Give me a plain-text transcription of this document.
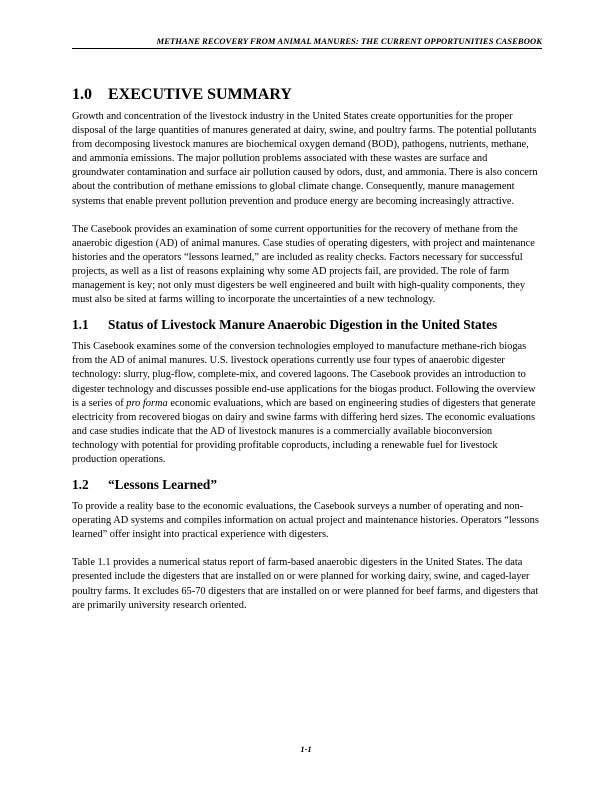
METHANE RECOVERY FROM ANIMAL MANURES: THE CURRENT OPPORTUNITIES CASEBOOK
1.0	EXECUTIVE SUMMARY

Growth and concentration of the livestock industry in the United States create opportunities for the proper disposal of the large quantities of manures generated at dairy, swine, and poultry farms. The potential pollutants from decomposing livestock manures are biochemical oxygen demand (BOD), pathogens, nutrients, methane, and ammonia emissions. The major pollution problems associated with these wastes are surface and groundwater contamination and surface air pollution caused by odors, dust, and ammonia. There is also concern about the contribution of methane emissions to global climate change. Consequently, manure management systems that enable prevent pollution prevention and produce energy are becoming increasingly attractive.

The Casebook provides an examination of some current opportunities for the recovery of methane from the anaerobic digestion (AD) of animal manures. Case studies of operating digesters, with project and maintenance histories and the operators “lessons learned,” are included as reality checks. Factors necessary for successful projects, as well as a list of reasons explaining why some AD projects fail, are provided. The role of farm management is key; not only must digesters be well engineered and built with high-quality components, they must also be sited at farms willing to incorporate the uncertainties of a new technology.

1.1	Status of Livestock Manure Anaerobic Digestion in the United States

This Casebook examines some of the conversion technologies employed to manufacture methane-rich biogas from the AD of animal manures. U.S. livestock operations currently use four types of anaerobic digester technology: slurry, plug-flow, complete-mix, and covered lagoons. The Casebook provides an introduction to digester technology and discusses possible end-use applications for the biogas product. Following the overview is a series of pro forma economic evaluations, which are based on engineering studies of digesters that generate electricity from recovered biogas on dairy and swine farms with differing herd sizes. The economic evaluations and case studies indicate that the AD of livestock manures is a commercially available bioconversion technology with potential for providing profitable coproducts, including a renewable fuel for livestock production operations.

1.2	“Lessons Learned”

To provide a reality base to the economic evaluations, the Casebook surveys a number of operating and non-operating AD systems and compiles information on actual project and maintenance histories. Operators “lessons learned” offer insight into practical experience with digesters.

Table 1.1 provides a numerical status report of farm-based anaerobic digesters in the United States. The data presented include the digesters that are installed on or were planned for working dairy, swine, and caged-layer poultry farms. It excludes 65-70 digesters that are installed on or were planned for beef farms, and digesters that are primarily university research oriented.

1-1
